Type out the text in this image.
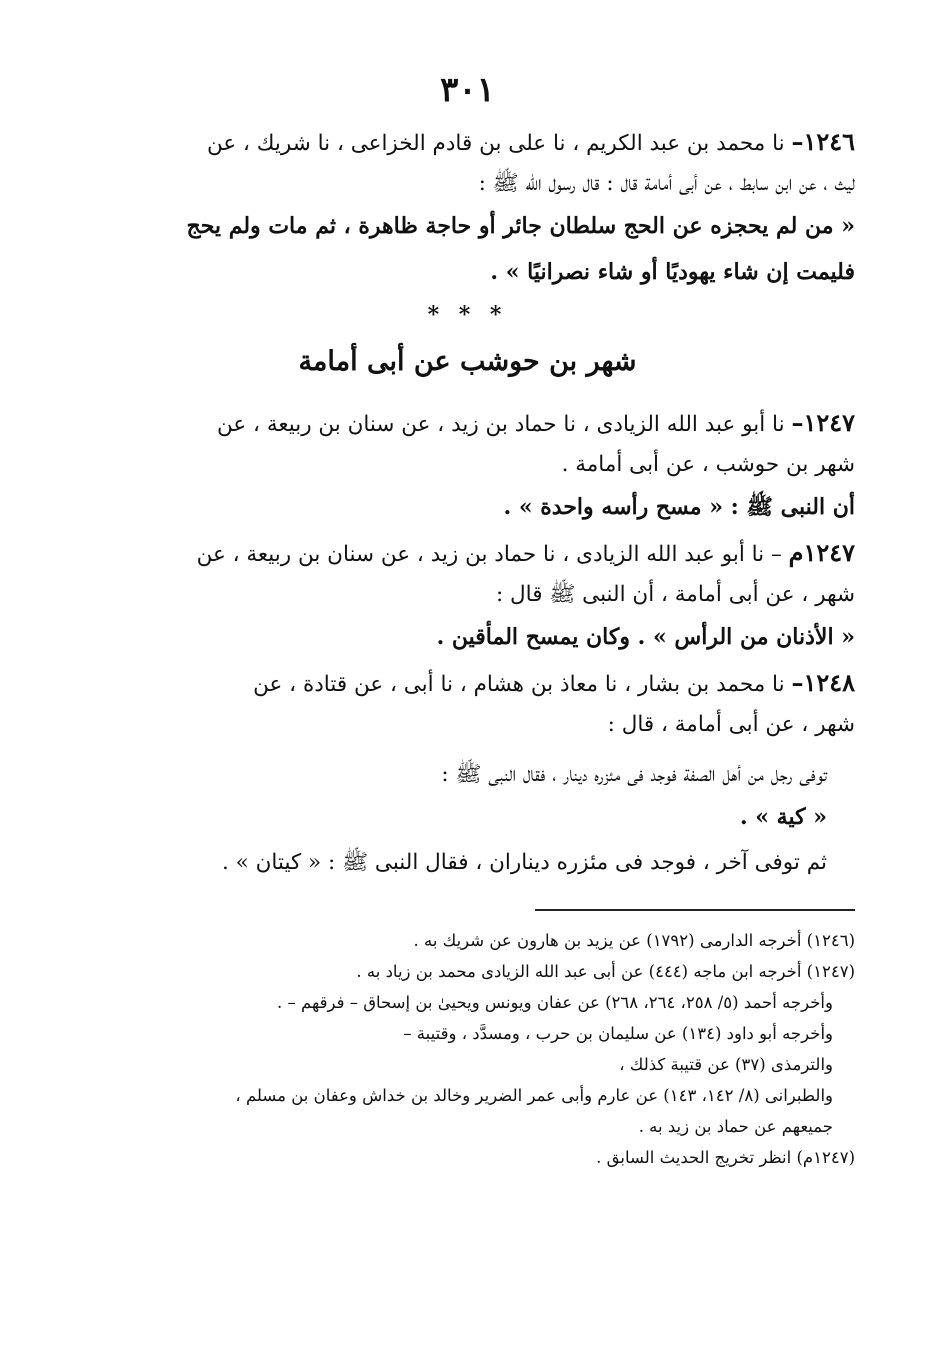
٣٠١

١٢٤٦– نا محمد بن عبد الكريم ، نا على بن قادم الخزاعى ، نا شريك ، عن

ليث ، عن ابن سابط ، عن أبى أمامة قال : قال رسول الله ﷺ :

« من لم يحجزه عن الحج سلطان جائر أو حاجة ظاهرة ، ثم مات ولم يحج

فليمت إن شاء يهوديًا أو شاء نصرانيًا » .

* * *
شهر بن حوشب عن أبى أمامة

١٢٤٧– نا أبو عبد الله الزيادى ، نا حماد بن زيد ، عن سنان بن ربيعة ، عن

شهر بن حوشب ، عن أبى أمامة .

أن النبى ﷺ : « مسح رأسه واحدة » .

١٢٤٧م – نا أبو عبد الله الزيادى ، نا حماد بن زيد ، عن سنان بن ربيعة ، عن

شهر ، عن أبى أمامة ، أن النبى ﷺ قال :

« الأذنان من الرأس » . وكان يمسح المأقين .

١٢٤٨– نا محمد بن بشار ، نا معاذ بن هشام ، نا أبى ، عن قتادة ، عن

شهر ، عن أبى أمامة ، قال :

توفى رجل من أهل الصفة فوجد فى مئزره دينار ، فقال النبى ﷺ :

« كية » .

ثم توفى آخر ، فوجد فى مئزره ديناران ، فقال النبى ﷺ : « كيتان » .

(١٢٤٦) أخرجه الدارمى (١٧٩٢) عن يزيد بن هارون عن شريك به .

(١٢٤٧) أخرجه ابن ماجه (٤٤٤) عن أبى عبد الله الزيادى محمد بن زياد به .

وأخرجه أحمد (٥/ ٢٥٨، ٢٦٤، ٢٦٨) عن عفان ويونس ويحيىٰ بن إسحاق – فرقهم – .

وأخرجه أبو داود (١٣٤) عن سليمان بن حرب ، ومسدَّد ، وقتيبة –

والترمذى (٣٧) عن قتيبة كذلك ،

والطبرانى (٨/ ١٤٢، ١٤٣) عن عارم وأبى عمر الضرير وخالد بن خداش وعفان بن مسلم ،

جميعهم عن حماد بن زيد به .

(١٢٤٧م) انظر تخريج الحديث السابق .
